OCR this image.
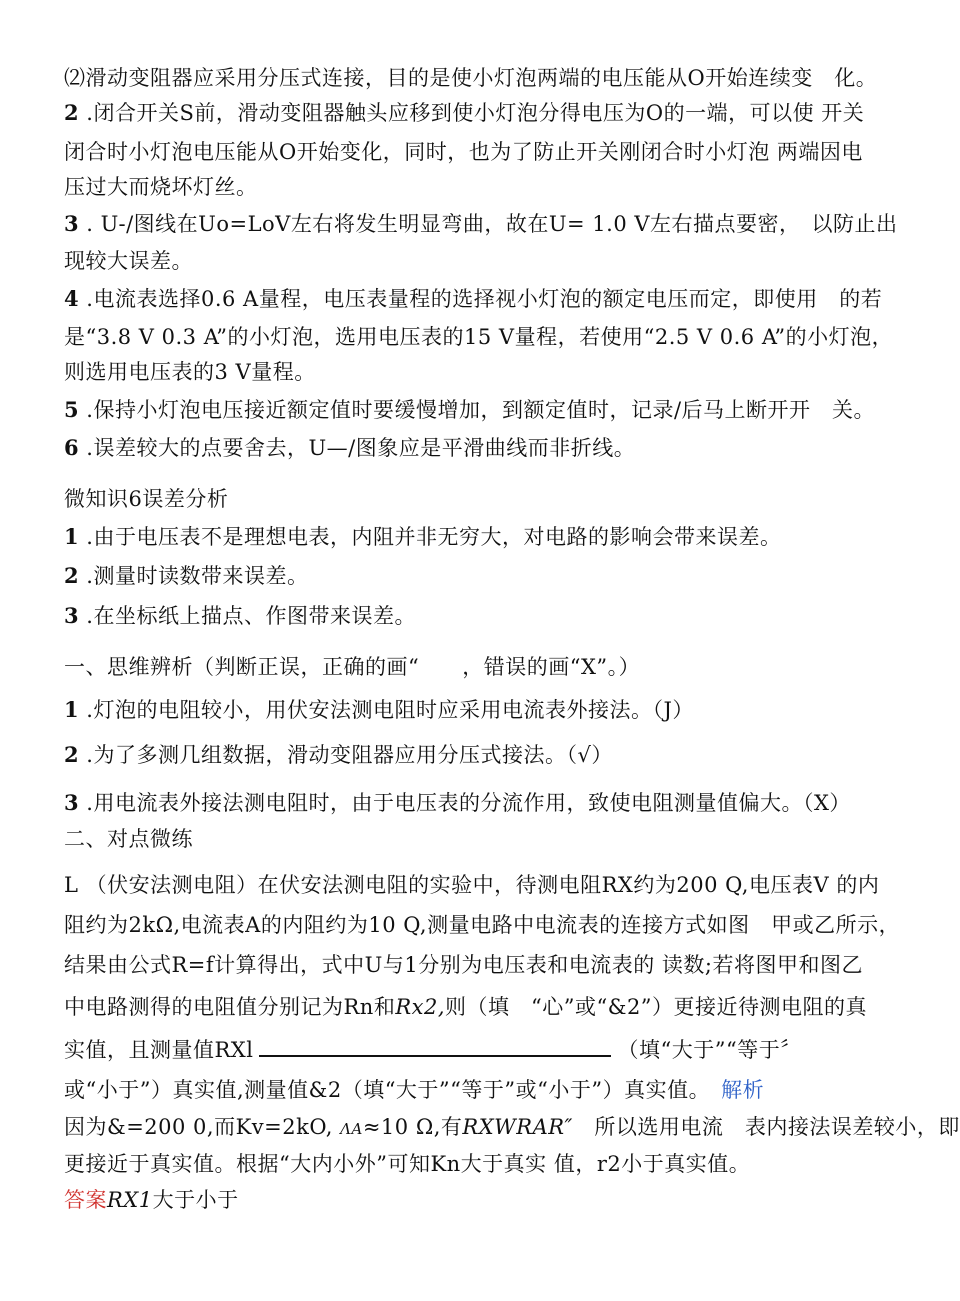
⑵滑动变阻器应采用分压式连接，目的是使小灯泡两端的电压能从O开始连续变　化。
2 .闭合开关S前，滑动变阻器触头应移到使小灯泡分得电压为O的一端，可以使 开关
闭合时小灯泡电压能从O开始变化，同时，也为了防止开关刚闭合时小灯泡 两端因电
压过大而烧坏灯丝。
3 . U-/图线在Uo=LoV左右将发生明显弯曲，故在U= 1.0 V左右描点要密，　以防止出
现较大误差。
4 .电流表选择0.6 A量程，电压表量程的选择视小灯泡的额定电压而定，即使用　的若
是“3.8 V 0.3 A”的小灯泡，选用电压表的15 V量程，若使用“2.5 V 0.6 A”的小灯泡，
则选用电压表的3 V量程。
5 .保持小灯泡电压接近额定值时要缓慢增加，到额定值时，记录/后马上断开开　关。
6 .误差较大的点要舍去，U—/图象应是平滑曲线而非折线。
微知识6误差分析
1 .由于电压表不是理想电表，内阻并非无穷大，对电路的影响会带来误差。
2 .测量时读数带来误差。
3 .在坐标纸上描点、作图带来误差。
一、思维辨析（判断正误，正确的画“　　，错误的画“X”。）
1 .灯泡的电阻较小，用伏安法测电阻时应采用电流表外接法。（J）
2 .为了多测几组数据，滑动变阻器应用分压式接法。（√）
3 .用电流表外接法测电阻时，由于电压表的分流作用，致使电阻测量值偏大。（X）
二、对点微练
L （伏安法测电阻）在伏安法测电阻的实验中，待测电阻RX约为200 Q,电压表V 的内
阻约为2kΩ,电流表A的内阻约为10 Q,测量电路中电流表的连接方式如图　甲或乙所示，
结果由公式R=f计算得出，式中U与1分别为电压表和电流表的 读数;若将图甲和图乙
中电路测得的电阻值分别记为Rn和Rx2,则（填　“心”或“&2”）更接近待测电阻的真
实值，且测量值RXl	（填“大于”“等于〞
或“小于”）真实值,测量值&2（填“大于”“等于”或“小于”）真实值。　解析
因为&=200 0,而Kv=2kO, ΛΑ≈10 Ω,有RXWRAR″　所以选用电流　表内接法误差较小，即
更接近于真实值。根据“大内小外”可知Kn大于真实 值，r2小于真实值。
答案RX1大于小于
